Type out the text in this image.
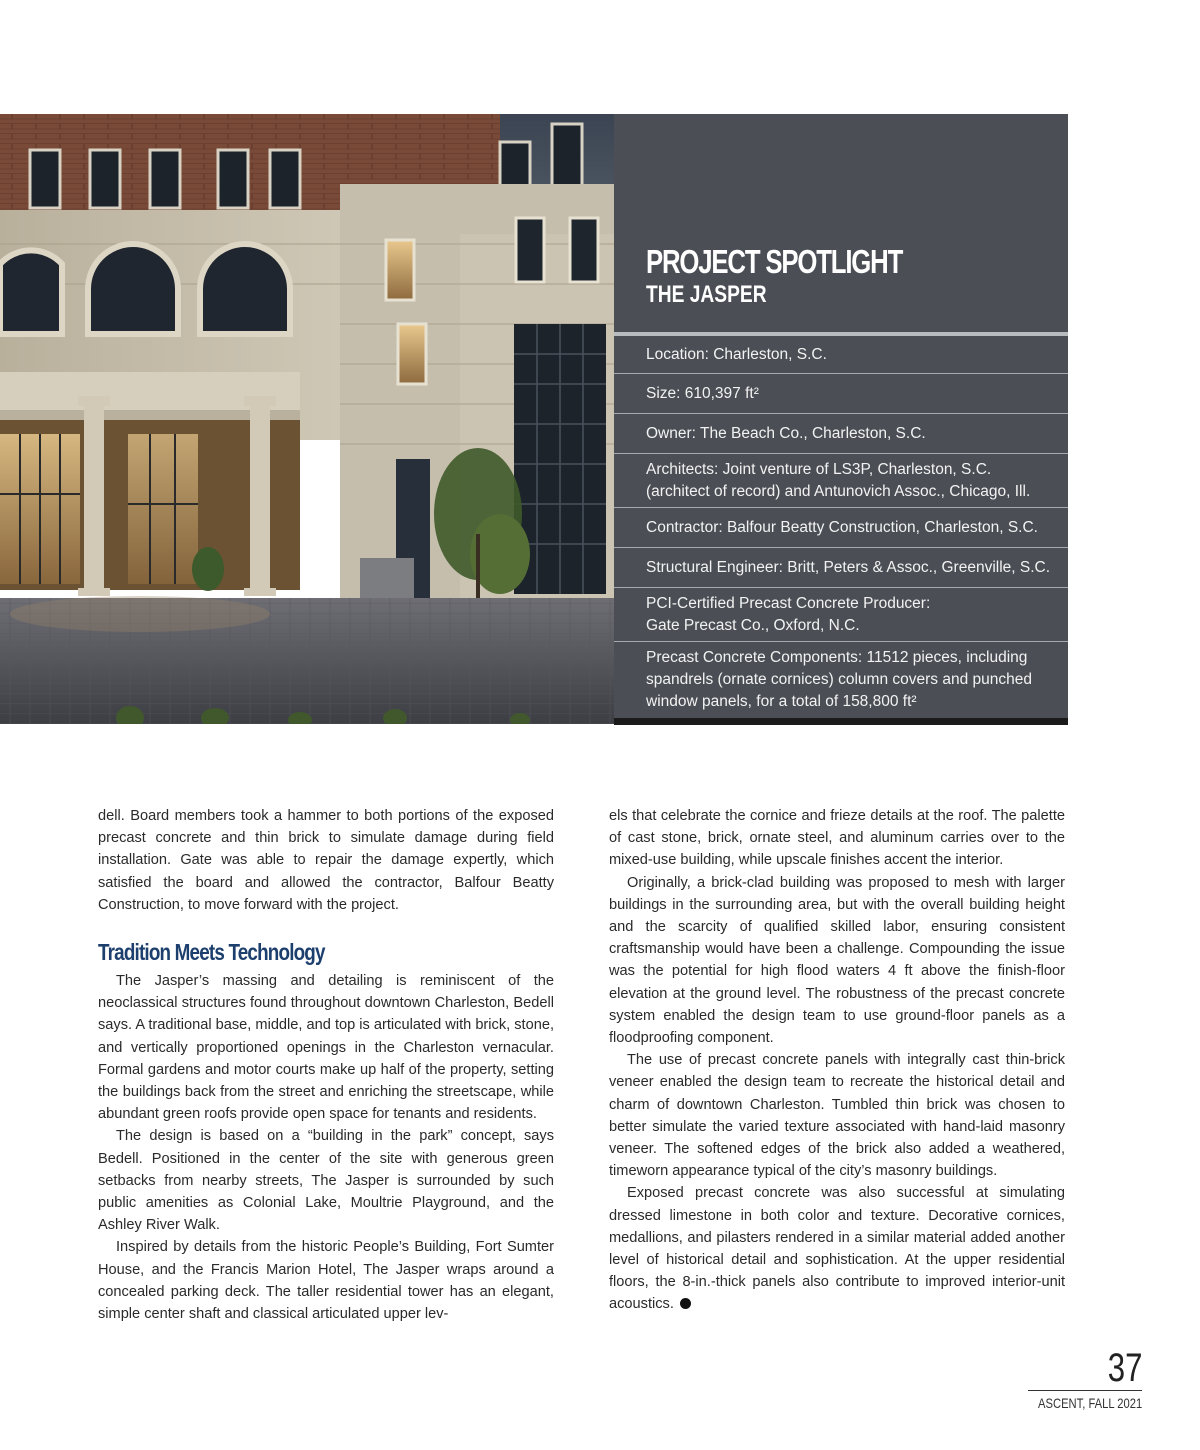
PROJECT SPOTLIGHT
THE JASPER
Location: Charleston, S.C.
Size: 610,397 ft²
Owner: The Beach Co., Charleston, S.C.
Architects: Joint venture of LS3P, Charleston, S.C.
(architect of record) and Antunovich Assoc., Chicago, Ill.
Contractor: Balfour Beatty Construction, Charleston, S.C.
Structural Engineer: Britt, Peters & Assoc., Greenville, S.C.
PCI-Certified Precast Concrete Producer:
Gate Precast Co., Oxford, N.C.
Precast Concrete Components: 11512 pieces, including
spandrels (ornate cornices) column covers and punched
window panels, for a total of 158,800 ft²

dell. Board members took a hammer to both portions of the exposed precast concrete and thin brick to simulate damage during field installation. Gate was able to repair the damage expertly, which satisfied the board and allowed the contractor, Balfour Beatty Construction, to move forward with the project.

Tradition Meets Technology

The Jasper’s massing and detailing is reminiscent of the neoclassical structures found throughout downtown Charleston, Bedell says. A traditional base, middle, and top is articulated with brick, stone, and vertically proportioned openings in the Charleston vernacular. Formal gardens and motor courts make up half of the property, setting the buildings back from the street and enriching the streetscape, while abundant green roofs provide open space for tenants and residents.

The design is based on a “building in the park” concept, says Bedell. Positioned in the center of the site with generous green setbacks from nearby streets, The Jasper is surrounded by such public amenities as Colonial Lake, Moultrie Playground, and the Ashley River Walk.

Inspired by details from the historic People’s Building, Fort Sumter House, and the Francis Marion Hotel, The Jasper wraps around a concealed parking deck. The taller residential tower has an elegant, simple center shaft and classical articulated upper lev-

els that celebrate the cornice and frieze details at the roof. The palette of cast stone, brick, ornate steel, and aluminum carries over to the mixed-use building, while upscale finishes accent the interior.

Originally, a brick-clad building was proposed to mesh with larger buildings in the surrounding area, but with the overall building height and the scarcity of qualified skilled labor, ensuring consistent craftsmanship would have been a challenge. Compounding the issue was the potential for high flood waters 4 ft above the finish-floor elevation at the ground level. The robustness of the precast concrete system enabled the design team to use ground-floor panels as a floodproofing component.

The use of precast concrete panels with integrally cast thin-brick veneer enabled the design team to recreate the historical detail and charm of downtown Charleston. Tumbled thin brick was chosen to better simulate the varied texture associated with hand-laid masonry veneer. The softened edges of the brick also added a weathered, timeworn appearance typical of the city’s masonry buildings.

Exposed precast concrete was also successful at simulating dressed limestone in both color and texture. Decorative cornices, medallions, and pilasters rendered in a similar material added another level of historical detail and sophistication. At the upper residential floors, the 8-in.-thick panels also contribute to improved interior-unit acoustics.

37
ASCENT, FALL 2021
